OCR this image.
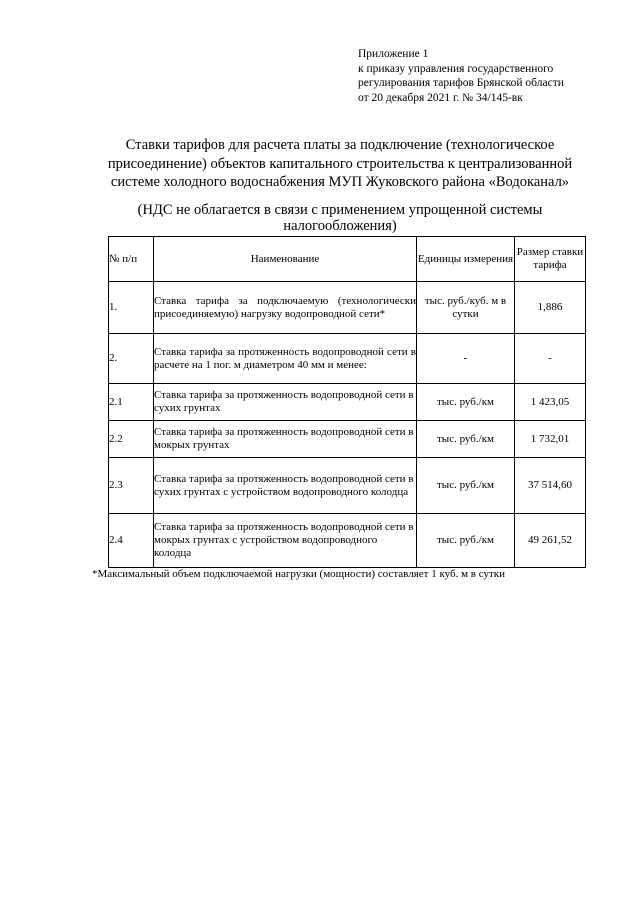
Приложение 1
к приказу управления государственного
регулирования тарифов Брянской области
от 20 декабря 2021 г. № 34/145-вк
Ставки тарифов для расчета платы за подключение (технологическое
присоединение) объектов капитального строительства к централизованной
системе холодного водоснабжения МУП Жуковского района «Водоканал»
(НДС не облагается в связи с применением упрощенной системы
налогообложения)
№ п/п	Наименование	Единицы измерения	Размер ставки тарифа
1.	Ставка тарифа за подключаемую (технологически присоединяемую) нагрузку водопроводной сети*	тыс. руб./куб. м в сутки	1,886
2.	Ставка тарифа за протяженность водопроводной сети в расчете на 1 пог. м диаметром 40 мм и менее:	-	-
2.1	Ставка тарифа за протяженность водопроводной сети в сухих грунтах	тыс. руб./км	1 423,05
2.2	Ставка тарифа за протяженность водопроводной сети в мокрых грунтах	тыс. руб./км	1 732,01
2.3	Ставка тарифа за протяженность водопроводной сети в сухих грунтах с устройством водопроводного колодца	тыс. руб./км	37 514,60
2.4	Ставка тарифа за протяженность водопроводной сети в мокрых грунтах с устройством водопроводного колодца	тыс. руб./км	49 261,52
*Максимальный объем подключаемой нагрузки (мощности) составляет 1 куб. м в сутки
